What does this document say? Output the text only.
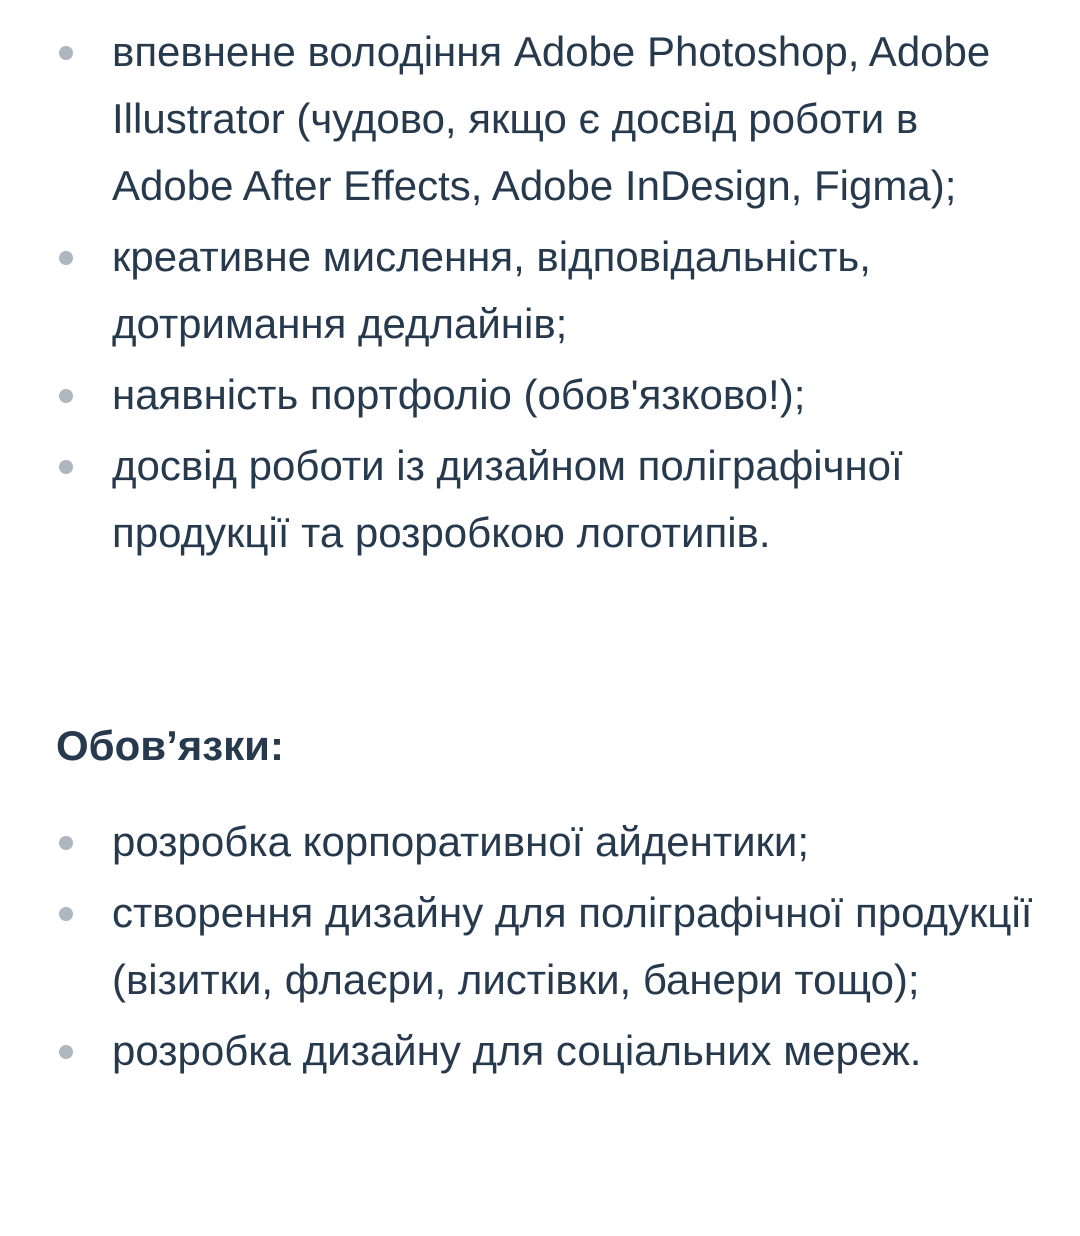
впевнене володіння Adobe Photoshop, Adobe Illustrator (чудово, якщо є досвід роботи в Adobe After Effects, Adobe InDesign, Figma);
креативне мислення, відповідальність, дотримання дедлайнів;
наявність портфоліо (обов'язково!);
досвід роботи із дизайном поліграфічної продукції та розробкою логотипів.
Обов’язки:
розробка корпоративної айдентики;
створення дизайну для поліграфічної продукції (візитки, флаєри, листівки, банери тощо);
розробка дизайну для соціальних мереж.
